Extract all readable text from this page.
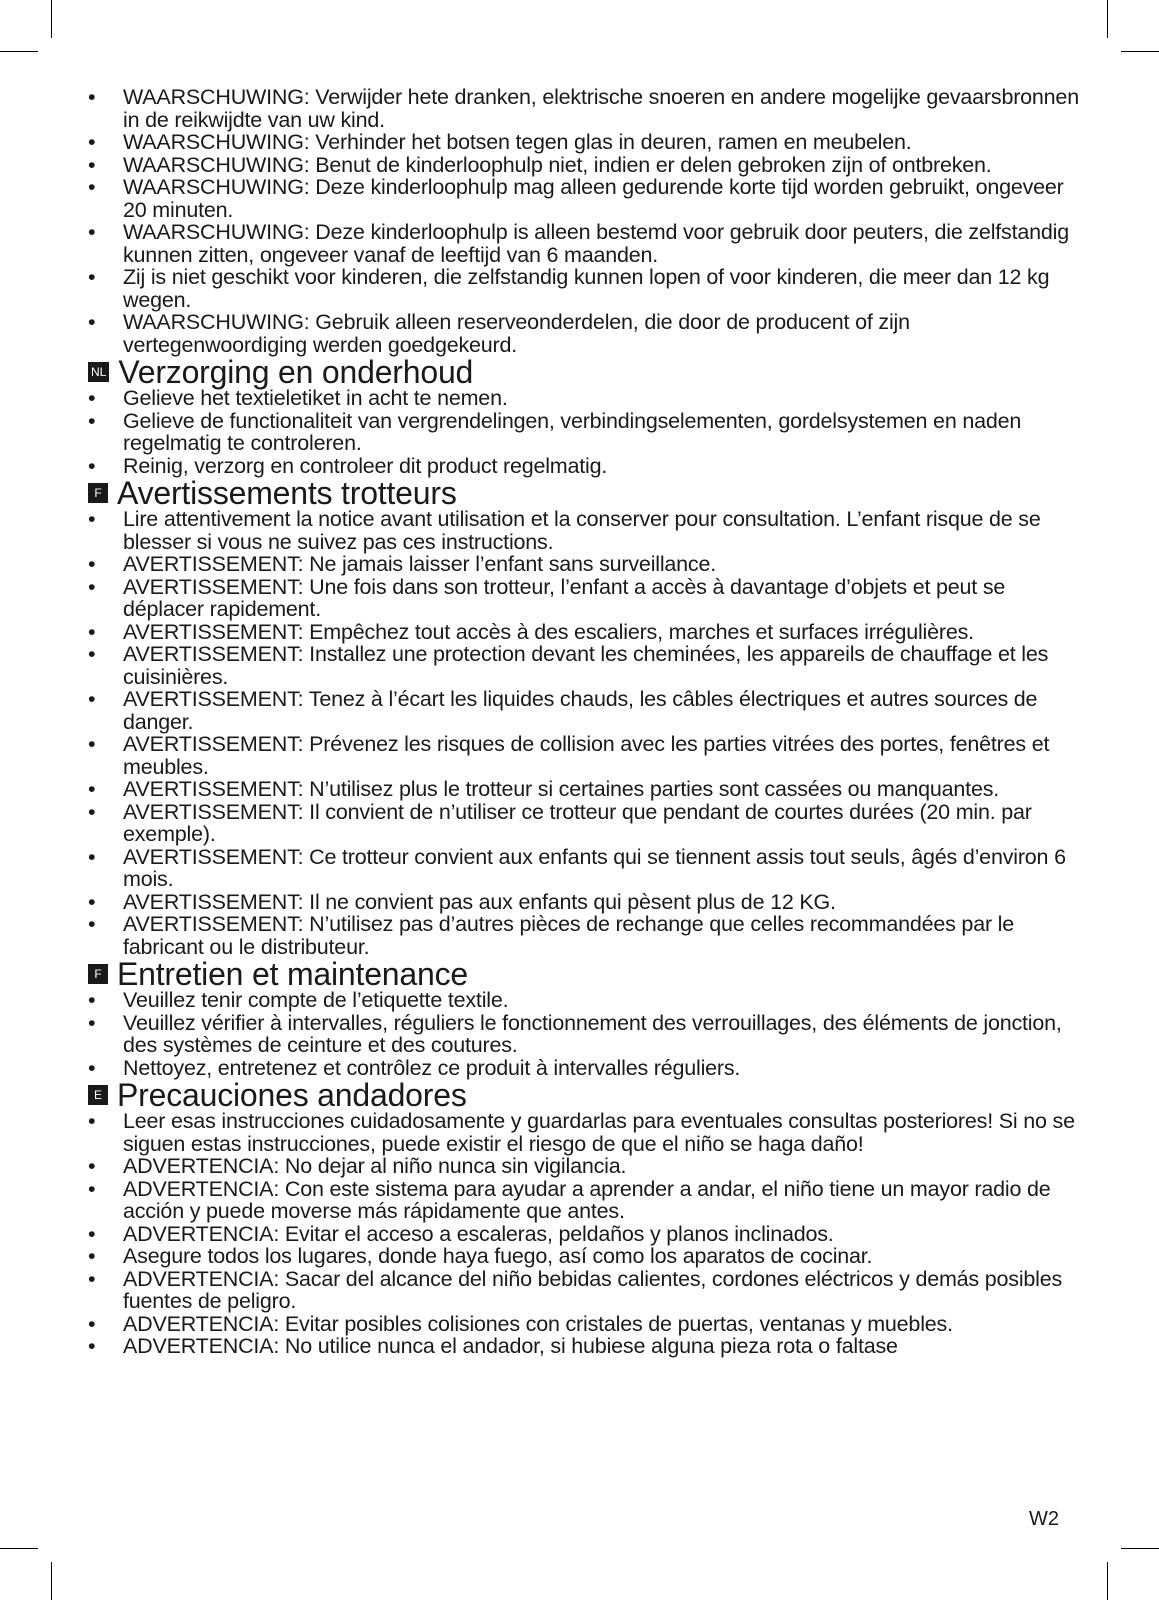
• WAARSCHUWING: Verwijder hete dranken, elektrische snoeren en andere mogelijke gevaarsbronnen in de reikwijdte van uw kind.
• WAARSCHUWING: Verhinder het botsen tegen glas in deuren, ramen en meubelen.
• WAARSCHUWING: Benut de kinderloophulp niet, indien er delen gebroken zijn of ontbreken.
• WAARSCHUWING: Deze kinderloophulp mag alleen gedurende korte tijd worden gebruikt, ongeveer 20 minuten.
• WAARSCHUWING: Deze kinderloophulp is alleen bestemd voor gebruik door peuters, die zelfstandig kunnen zitten, ongeveer vanaf de leeftijd van 6 maanden.
• Zij is niet geschikt voor kinderen, die zelfstandig kunnen lopen of voor kinderen, die meer dan 12 kg wegen.
• WAARSCHUWING: Gebruik alleen reserveonderdelen, die door de producent of zijn vertegenwoordiging werden goedgekeurd.
NL Verzorging en onderhoud
• Gelieve het textieletiket in acht te nemen.
• Gelieve de functionaliteit van vergrendelingen, verbindingselementen, gordelsystemen en naden regelmatig te controleren.
• Reinig, verzorg en controleer dit product regelmatig.
F Avertissements trotteurs
• Lire attentivement la notice avant utilisation et la conserver pour consultation. L’enfant risque de se blesser si vous ne suivez pas ces instructions.
• AVERTISSEMENT: Ne jamais laisser l’enfant sans surveillance.
• AVERTISSEMENT: Une fois dans son trotteur, l’enfant a accès à davantage d’objets et peut se déplacer rapidement.
• AVERTISSEMENT: Empêchez tout accès à des escaliers, marches et surfaces irrégulières.
• AVERTISSEMENT: Installez une protection devant les cheminées, les appareils de chauffage et les cuisinières.
• AVERTISSEMENT: Tenez à l’écart les liquides chauds, les câbles électriques et autres sources de danger.
• AVERTISSEMENT: Prévenez les risques de collision avec les parties vitrées des portes, fenêtres et meubles.
• AVERTISSEMENT: N’utilisez plus le trotteur si certaines parties sont cassées ou manquantes.
• AVERTISSEMENT: Il convient de n’utiliser ce trotteur que pendant de courtes durées (20 min. par exemple).
• AVERTISSEMENT: Ce trotteur convient aux enfants qui se tiennent assis tout seuls, âgés d’environ 6 mois.
• AVERTISSEMENT: Il ne convient pas aux enfants qui pèsent plus de 12 KG.
• AVERTISSEMENT: N’utilisez pas d’autres pièces de rechange que celles recommandées par le fabricant ou le distributeur.
F Entretien et maintenance
• Veuillez tenir compte de l’etiquette textile.
• Veuillez vérifier à intervalles, réguliers le fonctionnement des verrouillages, des éléments de jonction, des systèmes de ceinture et des coutures.
• Nettoyez, entretenez et contrôlez ce produit à intervalles réguliers.
E Precauciones andadores
• Leer esas instrucciones cuidadosamente y guardarlas para eventuales consultas posteriores! Si no se siguen estas instrucciones, puede existir el riesgo de que el niño se haga daño!
• ADVERTENCIA: No dejar al niño nunca sin vigilancia.
• ADVERTENCIA: Con este sistema para ayudar a aprender a andar, el niño tiene un mayor radio de acción y puede moverse más rápidamente que antes.
• ADVERTENCIA: Evitar el acceso a escaleras, peldaños y planos inclinados.
• Asegure todos los lugares, donde haya fuego, así como los aparatos de cocinar.
• ADVERTENCIA: Sacar del alcance del niño bebidas calientes, cordones eléctricos y demás posibles fuentes de peligro.
• ADVERTENCIA: Evitar posibles colisiones con cristales de puertas, ventanas y muebles.
• ADVERTENCIA: No utilice nunca el andador, si hubiese alguna pieza rota o faltase
W2
